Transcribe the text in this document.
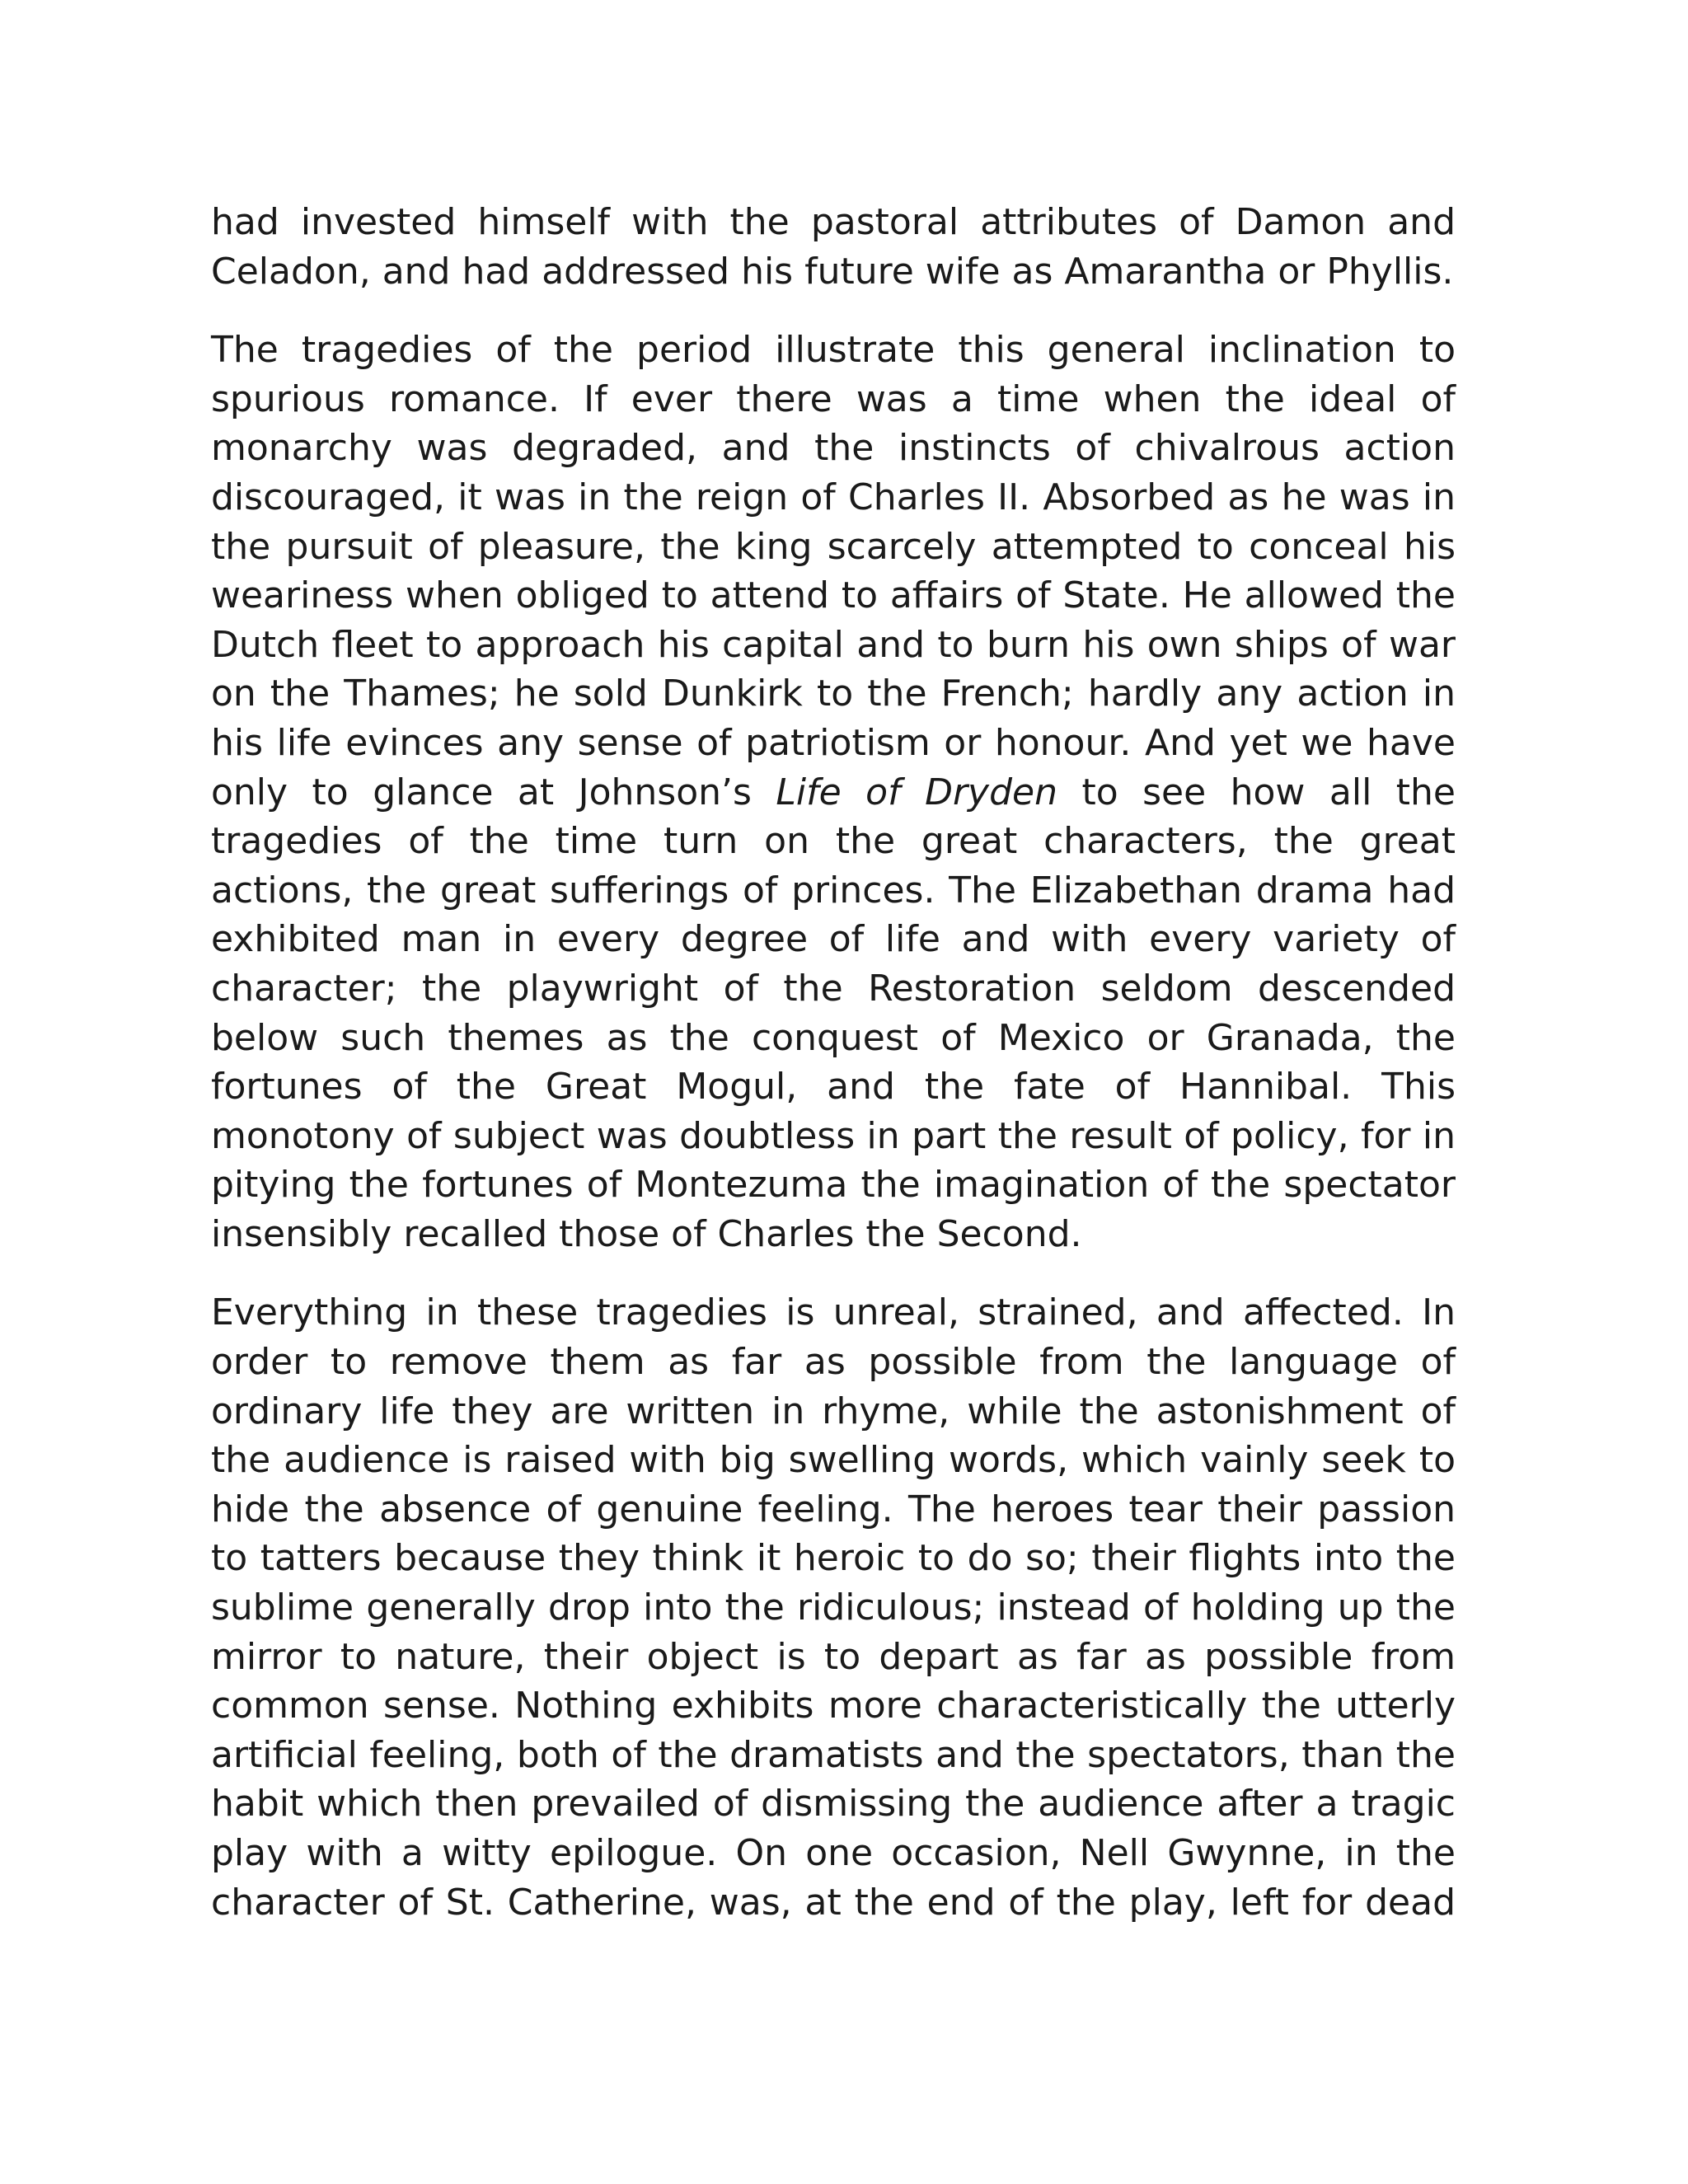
had invested himself with the pastoral attributes of Damon and Celadon, and had addressed his future wife as Amarantha or Phyllis.

The tragedies of the period illustrate this general inclination to spurious romance. If ever there was a time when the ideal of monarchy was degraded, and the instincts of chivalrous action discouraged, it was in the reign of Charles II. Absorbed as he was in the pursuit of pleasure, the king scarcely attempted to conceal his weariness when obliged to attend to affairs of State. He allowed the Dutch fleet to approach his capital and to burn his own ships of war on the Thames; he sold Dunkirk to the French; hardly any action in his life evinces any sense of patriotism or honour. And yet we have only to glance at Johnson’s Life of Dryden to see how all the tragedies of the time turn on the great characters, the great actions, the great sufferings of princes. The Elizabethan drama had exhibited man in every degree of life and with every variety of character; the playwright of the Restoration seldom descended below such themes as the conquest of Mexico or Granada, the fortunes of the Great Mogul, and the fate of Hannibal. This monotony of subject was doubtless in part the result of policy, for in pitying the fortunes of Montezuma the imagination of the spectator insensibly recalled those of Charles the Second.

Everything in these tragedies is unreal, strained, and affected. In order to remove them as far as possible from the language of ordinary life they are written in rhyme, while the astonishment of the audience is raised with big swelling words, which vainly seek to hide the absence of genuine feeling. The heroes tear their passion to tatters because they think it heroic to do so; their flights into the sublime generally drop into the ridiculous; instead of holding up the mirror to nature, their object is to depart as far as possible from common sense. Nothing exhibits more characteristically the utterly artificial feeling, both of the dramatists and the spectators, than the habit which then prevailed of dismissing the audience after a tragic play with a witty epilogue. On one occasion, Nell Gwynne, in the character of St. Catherine, was, at the end of the play, left for dead
